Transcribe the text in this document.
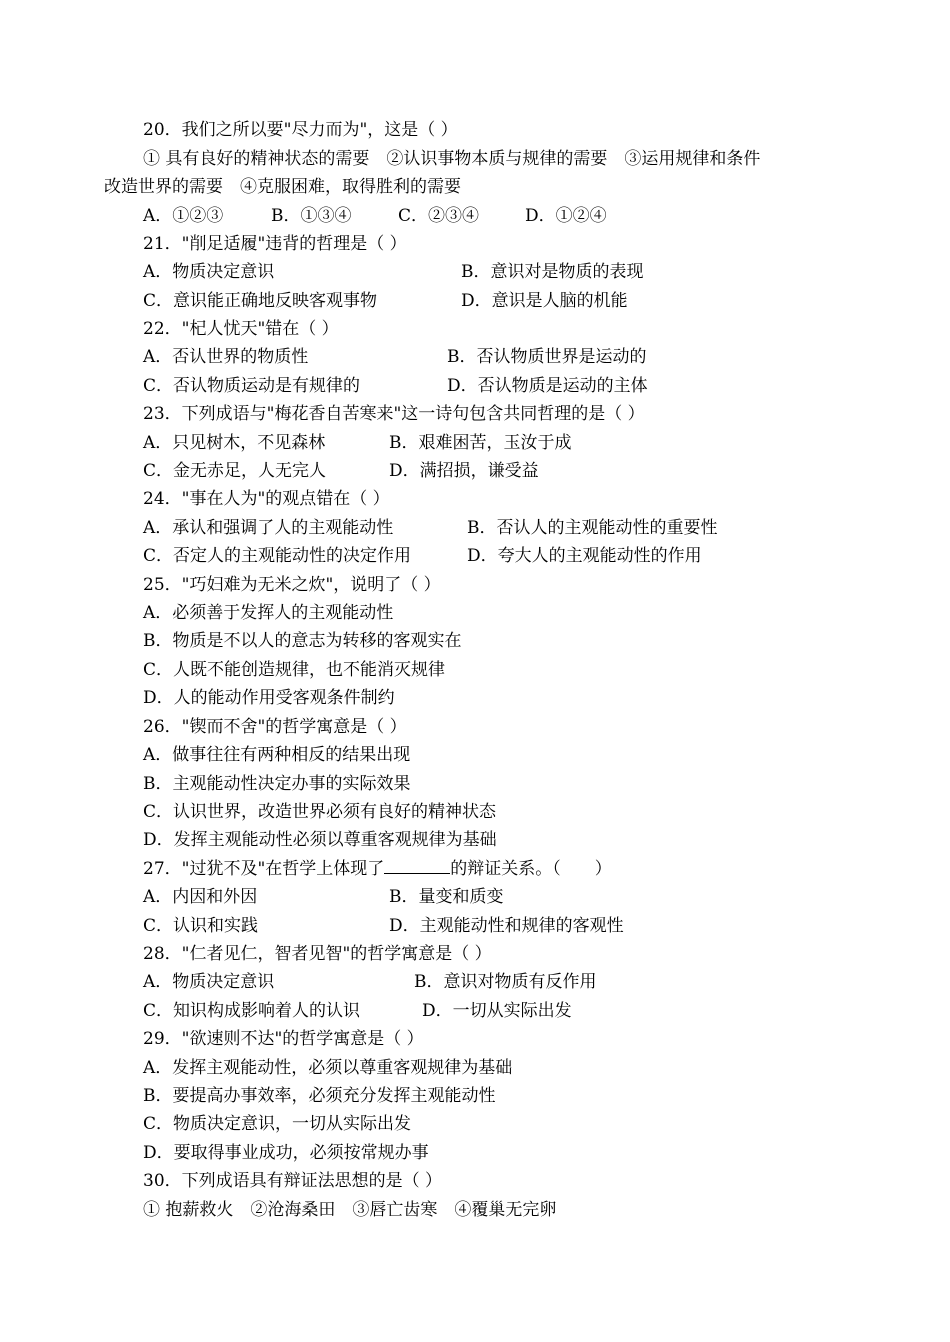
20．我们之所以要"尽力而为"，这是（ ）
① 具有良好的精神状态的需要　②认识事物本质与规律的需要　③运用规律和条件
改造世界的需要　④克服困难，取得胜利的需要
A．①②③	B．①③④	C．②③④	D．①②④
21．"削足适履"违背的哲理是（ ）
A．物质决定意识	B．意识对是物质的表现
C．意识能正确地反映客观事物	D．意识是人脑的机能
22．"杞人忧天"错在（ ）
A．否认世界的物质性	B．否认物质世界是运动的
C．否认物质运动是有规律的	D．否认物质是运动的主体
23．下列成语与"梅花香自苦寒来"这一诗句包含共同哲理的是（ ）
A．只见树木，不见森林	B．艰难困苦，玉汝于成
C．金无赤足，人无完人	D．满招损，谦受益
24．"事在人为"的观点错在（ ）
A．承认和强调了人的主观能动性	B．否认人的主观能动性的重要性
C．否定人的主观能动性的决定作用	D．夸大人的主观能动性的作用
25．"巧妇难为无米之炊"，说明了（ ）
A．必须善于发挥人的主观能动性
B．物质是不以人的意志为转移的客观实在
C．人既不能创造规律，也不能消灭规律
D．人的能动作用受客观条件制约
26．"锲而不舍"的哲学寓意是（ ）
A．做事往往有两种相反的结果出现
B．主观能动性决定办事的实际效果
C．认识世界，改造世界必须有良好的精神状态
D．发挥主观能动性必须以尊重客观规律为基础
27．"过犹不及"在哲学上体现了	的辩证关系。（　　）
A．内因和外因	B．量变和质变
C．认识和实践	D．主观能动性和规律的客观性
28．"仁者见仁，智者见智"的哲学寓意是（ ）
A．物质决定意识	B．意识对物质有反作用
C．知识构成影响着人的认识	D．一切从实际出发
29．"欲速则不达"的哲学寓意是（ ）
A．发挥主观能动性，必须以尊重客观规律为基础
B．要提高办事效率，必须充分发挥主观能动性
C．物质决定意识，一切从实际出发
D．要取得事业成功，必须按常规办事
30．下列成语具有辩证法思想的是（ ）
① 抱薪救火　②沧海桑田　③唇亡齿寒　④覆巢无完卵
